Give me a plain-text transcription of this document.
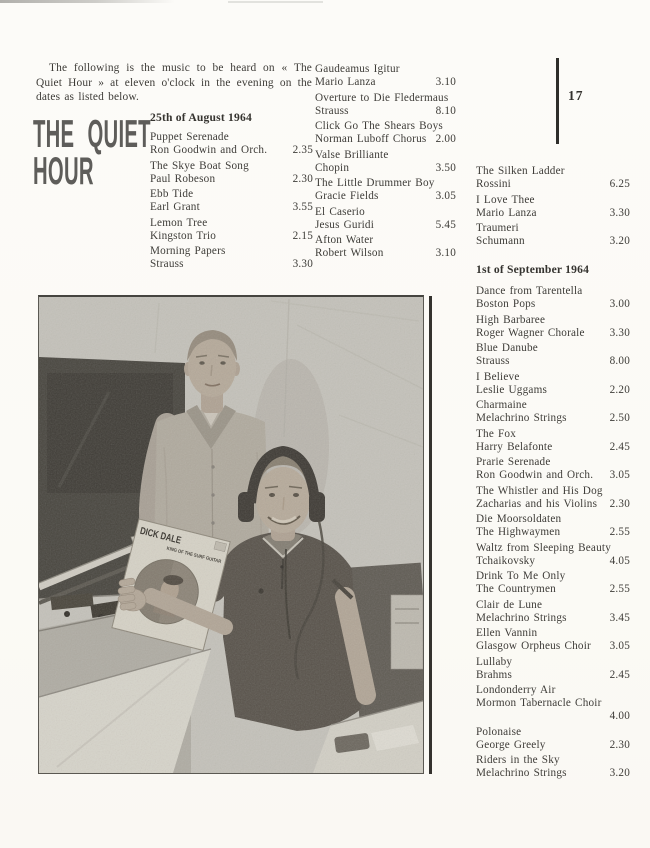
The following is the music to be heard on « The Quiet Hour » at eleven o'clock in the evening on the dates as listed below.

THE QUIET
HOUR
25th of August 1964
Puppet Serenade
Ron Goodwin and Orch.	2.35
The Skye Boat Song
Paul Robeson	2.30
Ebb Tide
Earl Grant	3.55
Lemon Tree
Kingston Trio	2.15
Morning Papers
Strauss	3.30
Gaudeamus Igitur
Mario Lanza	3.10
Overture to Die Fledermaus
Strauss	8.10
Click Go The Shears Boys
Norman Luboff Chorus 2.00
Valse Brilliante
Chopin	3.50
The Little Drummer Boy
Gracie Fields	3.05
El Caserio
Jesus Guridi	5.45
Afton Water
Robert Wilson	3.10
17
The Silken Ladder
Rossini	6.25
I Love Thee
Mario Lanza	3.30
Traumeri
Schumann	3.20
1st of September 1964
Dance from Tarentella
Boston Pops	3.00
High Barbaree
Roger Wagner Chorale	3.30
Blue Danube
Strauss	8.00
I Believe
Leslie Uggams	2.20
Charmaine
Melachrino Strings	2.50
The Fox
Harry Belafonte	2.45
Prarie Serenade
Ron Goodwin and Orch.	3.05
The Whistler and His Dog
Zacharias and his Violins	2.30
Die Moorsoldaten
The Highwaymen	2.55
Waltz from Sleeping Beauty
Tchaikovsky	4.05
Drink To Me Only
The Countrymen	2.55
Clair de Lune
Melachrino Strings	3.45
Ellen Vannin
Glasgow Orpheus Choir	3.05
Lullaby
Brahms	2.45
Londonderry Air
Mormon Tabernacle Choir
4.00
Polonaise
George Greely	2.30
Riders in the Sky
Melachrino Strings	3.20
